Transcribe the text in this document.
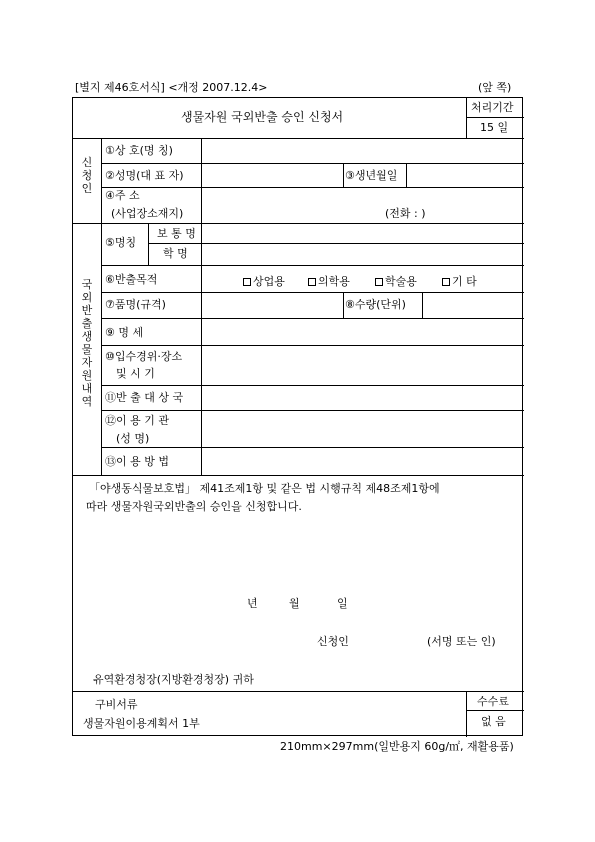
[별지 제46호서식] <개정 2007.12.4>	(앞 쪽)
생물자원 국외반출 승인 신청서
처리기간
15 일
신청인
①상 호(명 칭)
②성명(대 표 자)	③생년월일
④주 소
(사업장소재지)	(전화 : )
국외반출 생물자원 내역
⑤명칭
보 통 명
학 명
⑥반출목적	상업용	의학용	학술용	기 타
⑦품명(규격)	⑧수량(단위)
⑨ 명 세
⑩입수경위·장소
및 시 기
⑪반 출 대 상 국
⑫이 용 기 관
(성 명)
⑬이 용 방 법
「야생동식물보호법」 제41조제1항 및 같은 법 시행규칙 제48조제1항에
따라 생물자원국외반출의 승인을 신청합니다.
년	월	일
신청인	(서명 또는 인)
유역환경청장(지방환경청장) 귀하
구비서류
생물자원이용계획서 1부
수수료
없 음
210mm×297mm(일반용지 60g/㎡, 재활용품)
